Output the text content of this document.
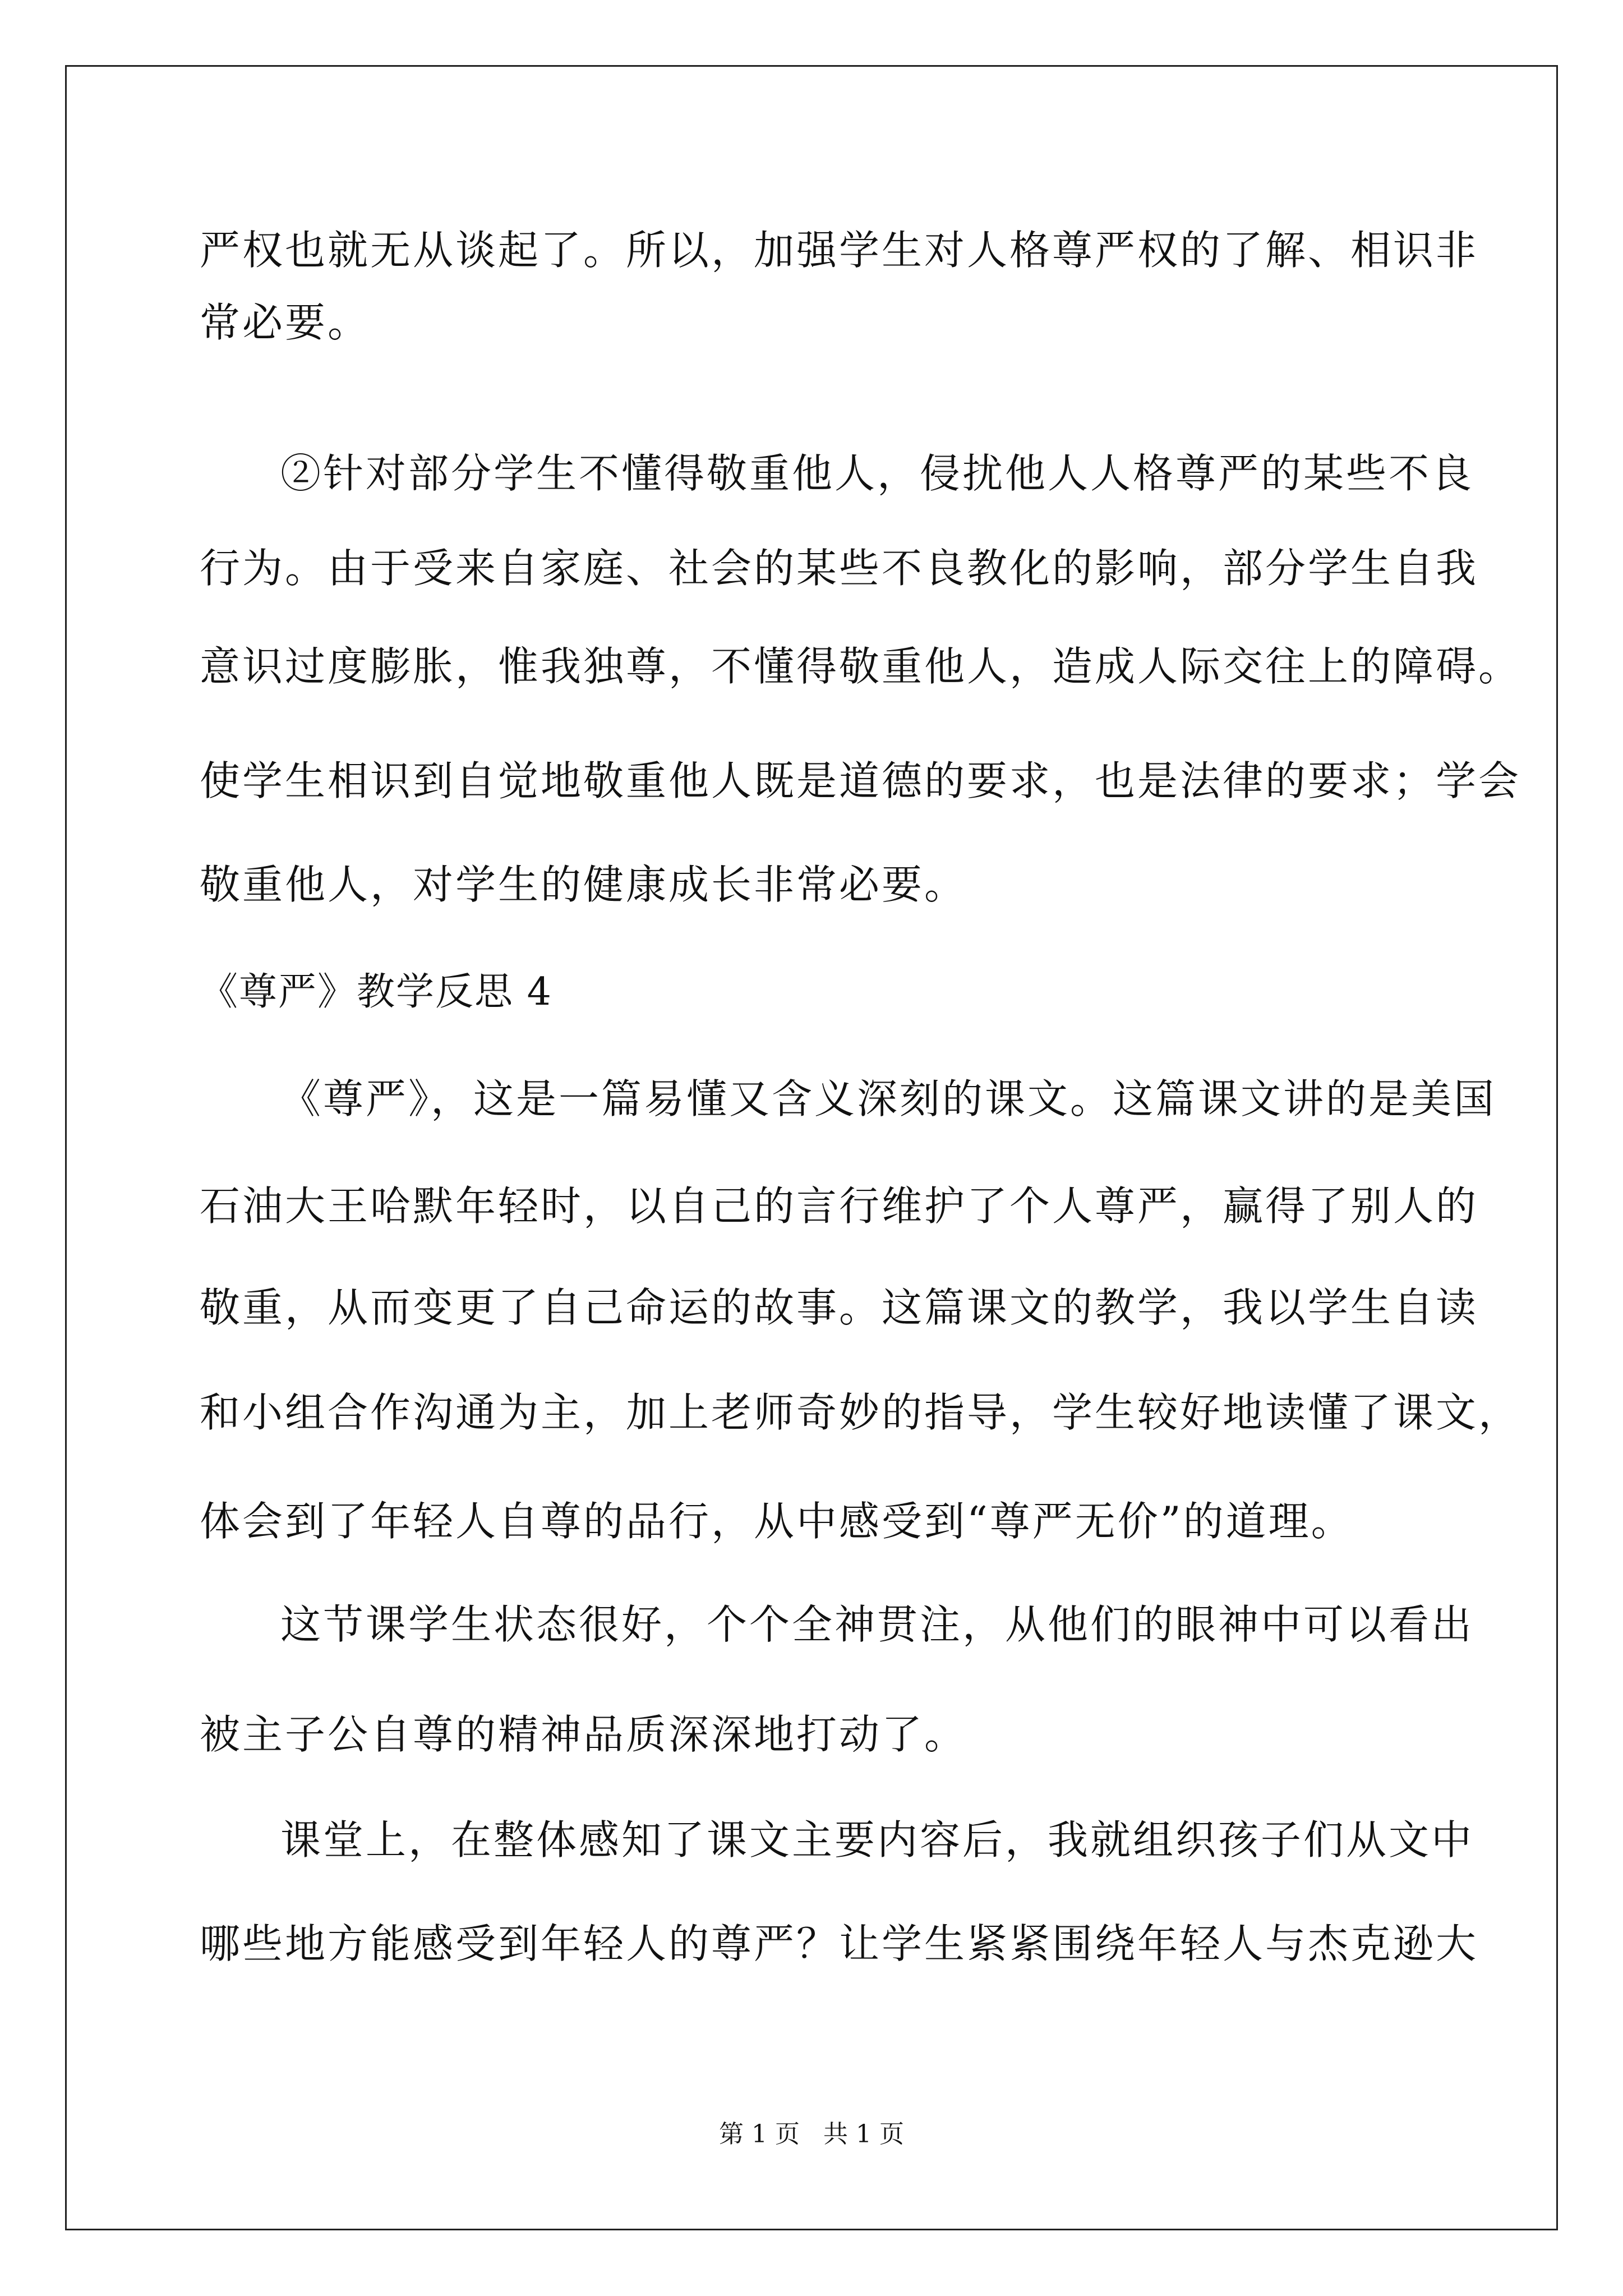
严权也就无从谈起了。所以，加强学生对人格尊严权的了解、相识非
常必要。
②针对部分学生不懂得敬重他人，侵扰他人人格尊严的某些不良
行为。由于受来自家庭、社会的某些不良教化的影响，部分学生自我
意识过度膨胀，惟我独尊，不懂得敬重他人，造成人际交往上的障碍。
使学生相识到自觉地敬重他人既是道德的要求，也是法律的要求；学会
敬重他人，对学生的健康成长非常必要。
《尊严》教学反思 4
《尊严》，这是一篇易懂又含义深刻的课文。这篇课文讲的是美国
石油大王哈默年轻时，以自己的言行维护了个人尊严，赢得了别人的
敬重，从而变更了自己命运的故事。这篇课文的教学，我以学生自读
和小组合作沟通为主，加上老师奇妙的指导，学生较好地读懂了课文，
体会到了年轻人自尊的品行，从中感受到“尊严无价”的道理。
这节课学生状态很好，个个全神贯注，从他们的眼神中可以看出
被主子公自尊的精神品质深深地打动了。
课堂上，在整体感知了课文主要内容后，我就组织孩子们从文中
哪些地方能感受到年轻人的尊严？让学生紧紧围绕年轻人与杰克逊大
第 1 页   共 1 页
